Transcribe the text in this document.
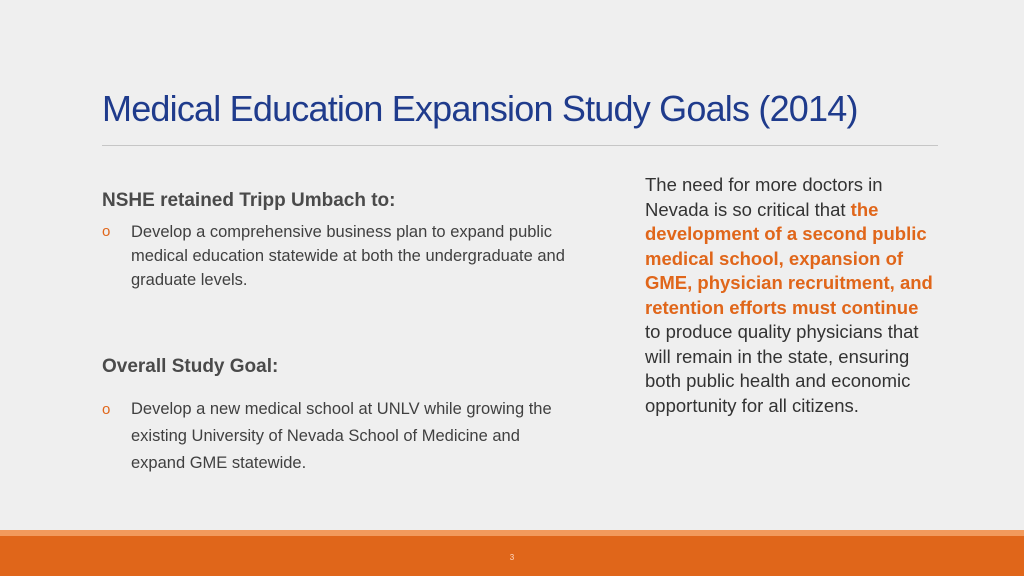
Medical Education Expansion Study Goals (2014)

NSHE retained Tripp Umbach to:

o Develop a comprehensive business plan to expand public medical education statewide at both the undergraduate and graduate levels.

Overall Study Goal:

o Develop a new medical school at UNLV while growing the existing University of Nevada School of Medicine and expand GME statewide.
The need for more doctors in Nevada is so critical that the development of a second public medical school, expansion of GME, physician recruitment, and retention efforts must continue to produce quality physicians that will remain in the state, ensuring both public health and economic opportunity for all citizens.
3
